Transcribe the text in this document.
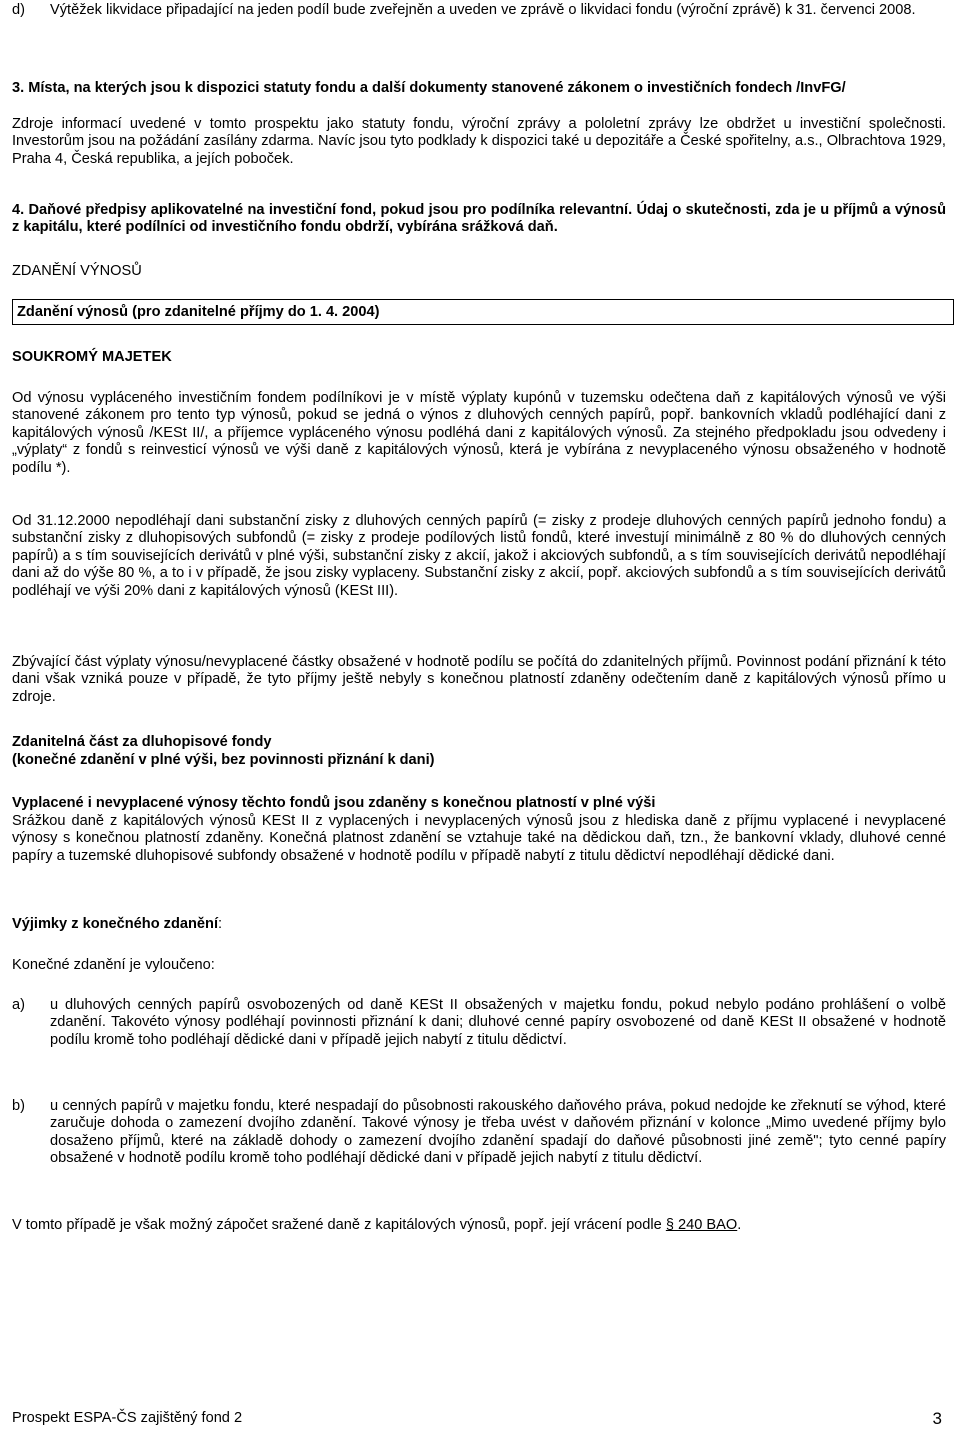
d)	Výtěžek likvidace připadající na jeden podíl bude zveřejněn a uveden ve zprávě o likvidaci fondu (výroční zprávě) k 31. červenci 2008.

3. Místa, na kterých jsou k dispozici statuty fondu a další dokumenty stanovené zákonem o investičních fondech /InvFG/

Zdroje informací uvedené v tomto prospektu jako statuty fondu, výroční zprávy a pololetní zprávy lze obdržet u investiční společnosti. Investorům jsou na požádání zasílány zdarma. Navíc jsou tyto podklady k dispozici také u depozitáře a České spořitelny, a.s., Olbrachtova 1929, Praha 4, Česká republika, a jejích poboček.

4. Daňové předpisy aplikovatelné na investiční fond, pokud jsou pro podílníka relevantní. Údaj o skutečnosti, zda je u příjmů a výnosů z kapitálu, které podílníci od investičního fondu obdrží, vybírána srážková daň.

ZDANĚNÍ VÝNOSŮ

Zdanění výnosů (pro zdanitelné příjmy do 1. 4. 2004)

SOUKROMÝ MAJETEK

Od výnosu vypláceného investičním fondem podílníkovi je v místě výplaty kupónů v tuzemsku odečtena daň z kapitálových výnosů ve výši stanovené zákonem pro tento typ výnosů, pokud se jedná o výnos z dluhových cenných papírů, popř. bankovních vkladů podléhající dani z kapitálových výnosů /KESt II/, a příjemce vypláceného výnosu podléhá dani z kapitálových výnosů. Za stejného předpokladu jsou odvedeny i „výplaty“ z fondů s reinvesticí výnosů ve výši daně z kapitálových výnosů, která je vybírána z nevyplaceného výnosu obsaženého v hodnotě podílu *).

Od 31.12.2000 nepodléhají dani substanční zisky z dluhových cenných papírů (= zisky z prodeje dluhových cenných papírů jednoho fondu) a substanční zisky z dluhopisových subfondů (= zisky z prodeje podílových listů fondů, které investují minimálně z 80 % do dluhových cenných papírů) a s tím souvisejících derivátů v plné výši, substanční zisky z akcií, jakož i akciových subfondů, a s tím souvisejících derivátů nepodléhají dani až do výše 80 %, a to i v případě, že jsou zisky vyplaceny. Substanční zisky z akcií, popř. akciových subfondů a s tím souvisejících derivátů podléhají ve výši 20% dani z kapitálových výnosů (KESt III).

Zbývající část výplaty výnosu/nevyplacené částky obsažené v hodnotě podílu se počítá do zdanitelných příjmů. Povinnost podání přiznání k této dani však vzniká pouze v případě, že tyto příjmy ještě nebyly s konečnou platností zdaněny odečtením daně z kapitálových výnosů přímo u zdroje.

Zdanitelná část za dluhopisové fondy

(konečné zdanění v plné výši, bez povinnosti přiznání k dani)

Vyplacené i nevyplacené výnosy těchto fondů jsou zdaněny s konečnou platností v plné výši

Srážkou daně z kapitálových výnosů KESt II z vyplacených i nevyplacených výnosů jsou z hlediska daně z příjmu vyplacené i nevyplacené výnosy s konečnou platností zdaněny. Konečná platnost zdanění se vztahuje také na dědickou daň, tzn., že bankovní vklady, dluhové cenné papíry a tuzemské dluhopisové subfondy obsažené v hodnotě podílu v případě nabytí z titulu dědictví nepodléhají dědické dani.

Výjimky z konečného zdanění:

Konečné zdanění je vyloučeno:

a)	u dluhových cenných papírů osvobozených od daně KESt II obsažených v majetku fondu, pokud nebylo podáno prohlášení o volbě zdanění. Takovéto výnosy podléhají povinnosti přiznání k dani; dluhové cenné papíry osvobozené od daně KESt II obsažené v hodnotě podílu kromě toho podléhají dědické dani v případě jejich nabytí z titulu dědictví.
b)	u cenných papírů v majetku fondu, které nespadají do působnosti rakouského daňového práva, pokud nedojde ke zřeknutí se výhod, které zaručuje dohoda o zamezení dvojího zdanění. Takové výnosy je třeba uvést v daňovém přiznání v kolonce „Mimo uvedené příjmy bylo dosaženo příjmů, které na základě dohody o zamezení dvojího zdanění spadají do daňové působnosti jiné země"; tyto cenné papíry obsažené v hodnotě podílu kromě toho podléhají dědické dani v případě jejich nabytí z titulu dědictví.

V tomto případě je však možný zápočet sražené daně z kapitálových výnosů, popř. její vrácení podle § 240 BAO.

Prospekt ESPA-ČS zajištěný fond 2	3
